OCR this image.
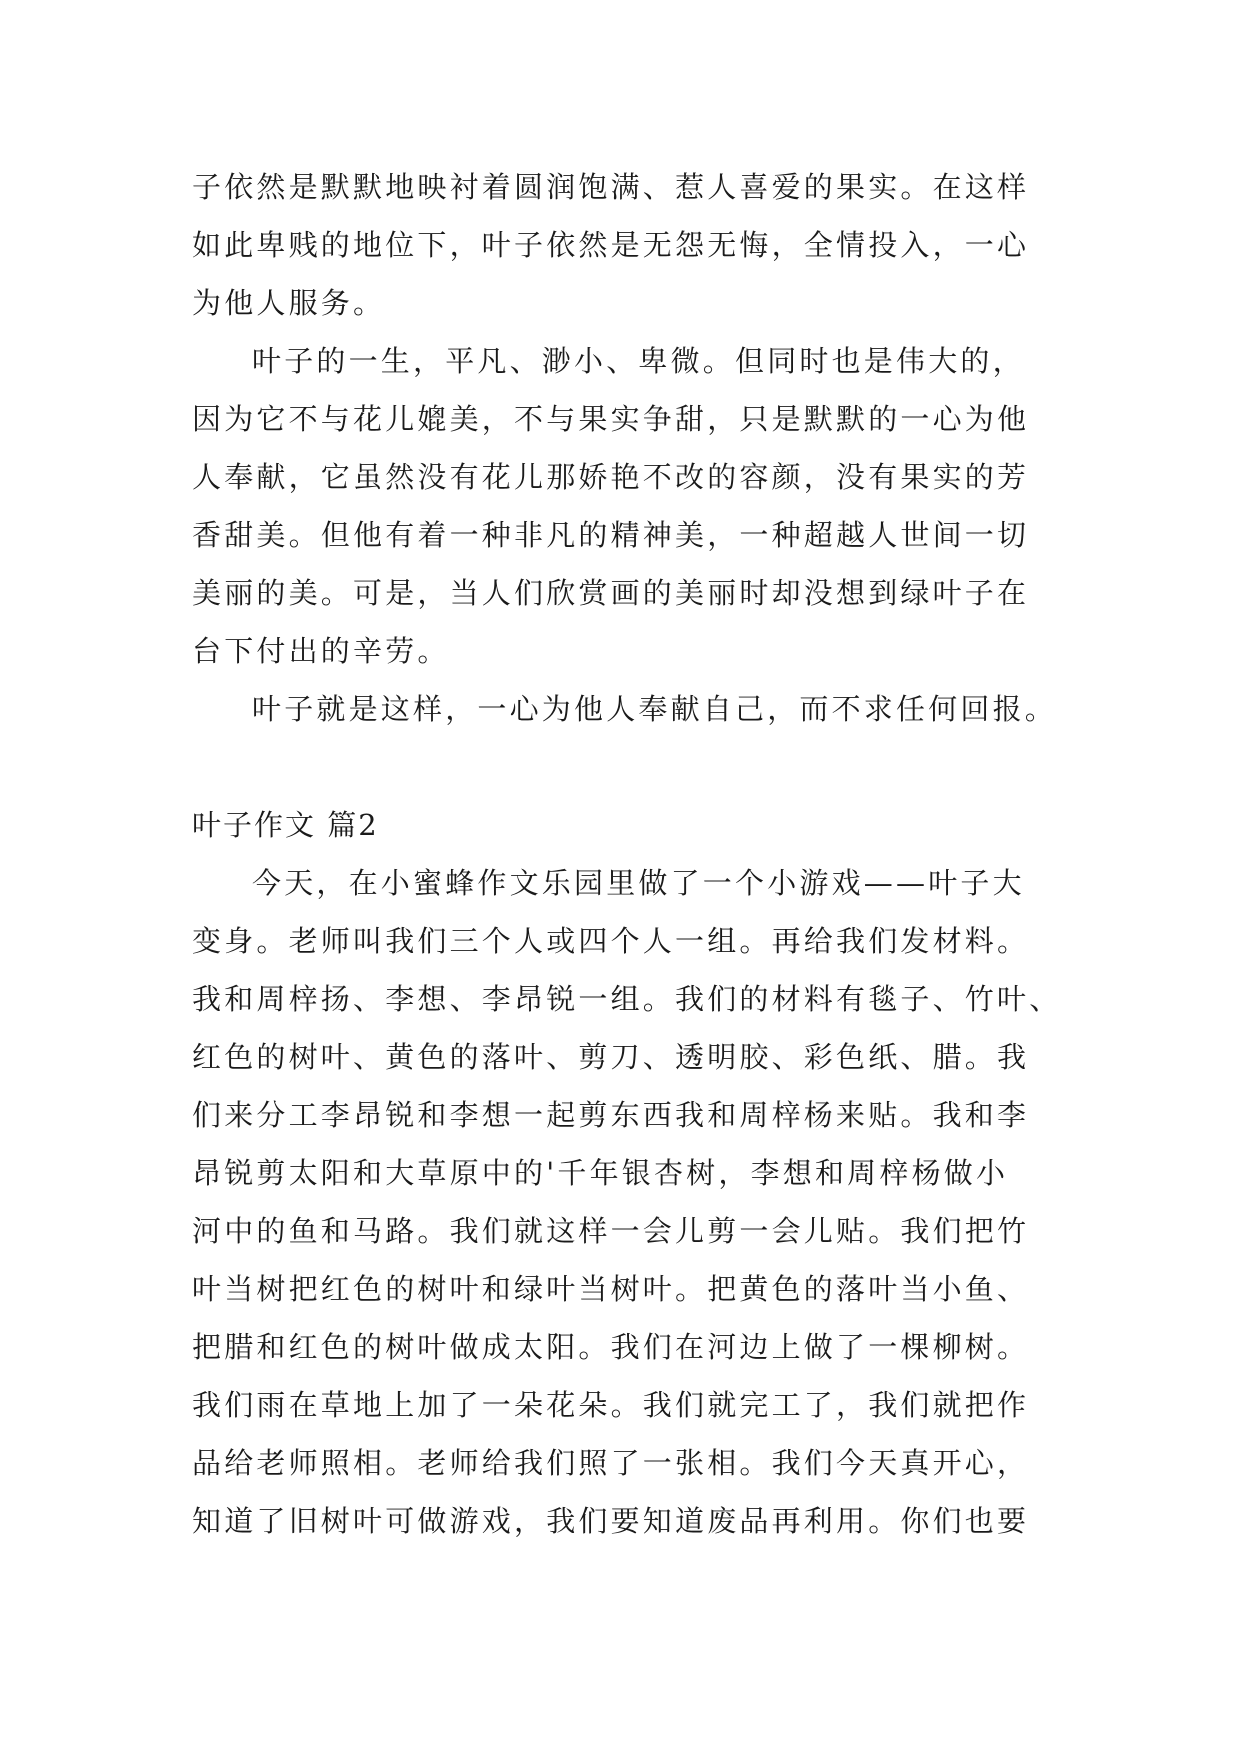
子依然是默默地映衬着圆润饱满、惹人喜爱的果实。在这样
如此卑贱的地位下，叶子依然是无怨无悔，全情投入，一心
为他人服务。
叶子的一生，平凡、渺小、卑微。但同时也是伟大的，
因为它不与花儿媲美，不与果实争甜，只是默默的一心为他
人奉献，它虽然没有花儿那娇艳不改的容颜，没有果实的芳
香甜美。但他有着一种非凡的精神美，一种超越人世间一切
美丽的美。可是，当人们欣赏画的美丽时却没想到绿叶子在
台下付出的辛劳。
叶子就是这样，一心为他人奉献自己，而不求任何回报。
叶子作文 篇2
今天，在小蜜蜂作文乐园里做了一个小游戏——叶子大
变身。老师叫我们三个人或四个人一组。再给我们发材料。
我和周梓扬、李想、李昂锐一组。我们的材料有毯子、竹叶、
红色的树叶、黄色的落叶、剪刀、透明胶、彩色纸、腊。我
们来分工李昂锐和李想一起剪东西我和周梓杨来贴。我和李
昂锐剪太阳和大草原中的'千年银杏树，李想和周梓杨做小
河中的鱼和马路。我们就这样一会儿剪一会儿贴。我们把竹
叶当树把红色的树叶和绿叶当树叶。把黄色的落叶当小鱼、
把腊和红色的树叶做成太阳。我们在河边上做了一棵柳树。
我们雨在草地上加了一朵花朵。我们就完工了，我们就把作
品给老师照相。老师给我们照了一张相。我们今天真开心，
知道了旧树叶可做游戏，我们要知道废品再利用。你们也要
